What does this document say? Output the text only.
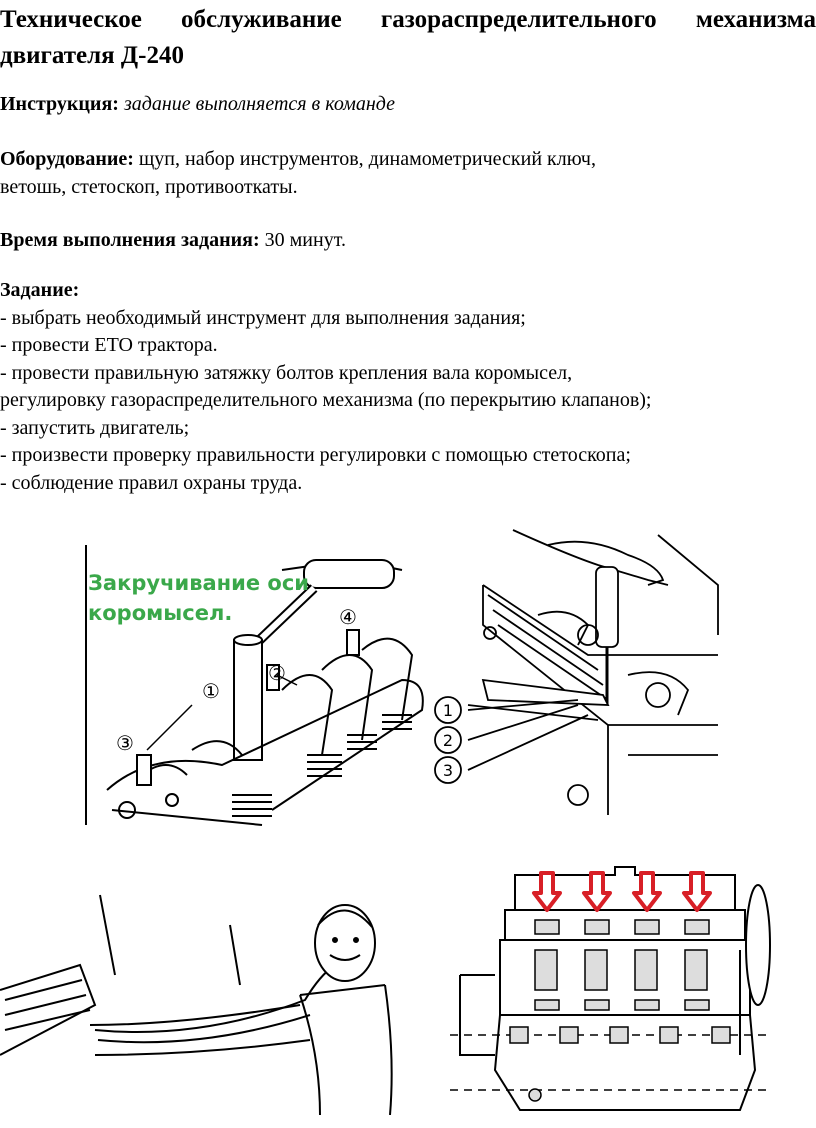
Техническое обслуживание газораспределительного механизма двигателя Д-240

Инструкция: задание выполняется в команде

Оборудование: щуп, набор инструментов, динамометрический ключ,
ветошь, стетоскоп, противооткаты.

Время выполнения задания: 30 минут.

Задание:
- выбрать необходимый инструмент для выполнения задания;
- провести ЕТО трактора.
- провести правильную затяжку болтов крепления вала коромысел,
регулировку газораспределительного механизма (по перекрытию клапанов);
- запустить двигатель;
- произвести проверку правильности регулировки с помощью стетоскопа;
- соблюдение правил охраны труда.
Закручивание оси
коромысел.
①
②
③
④
1
2
3
